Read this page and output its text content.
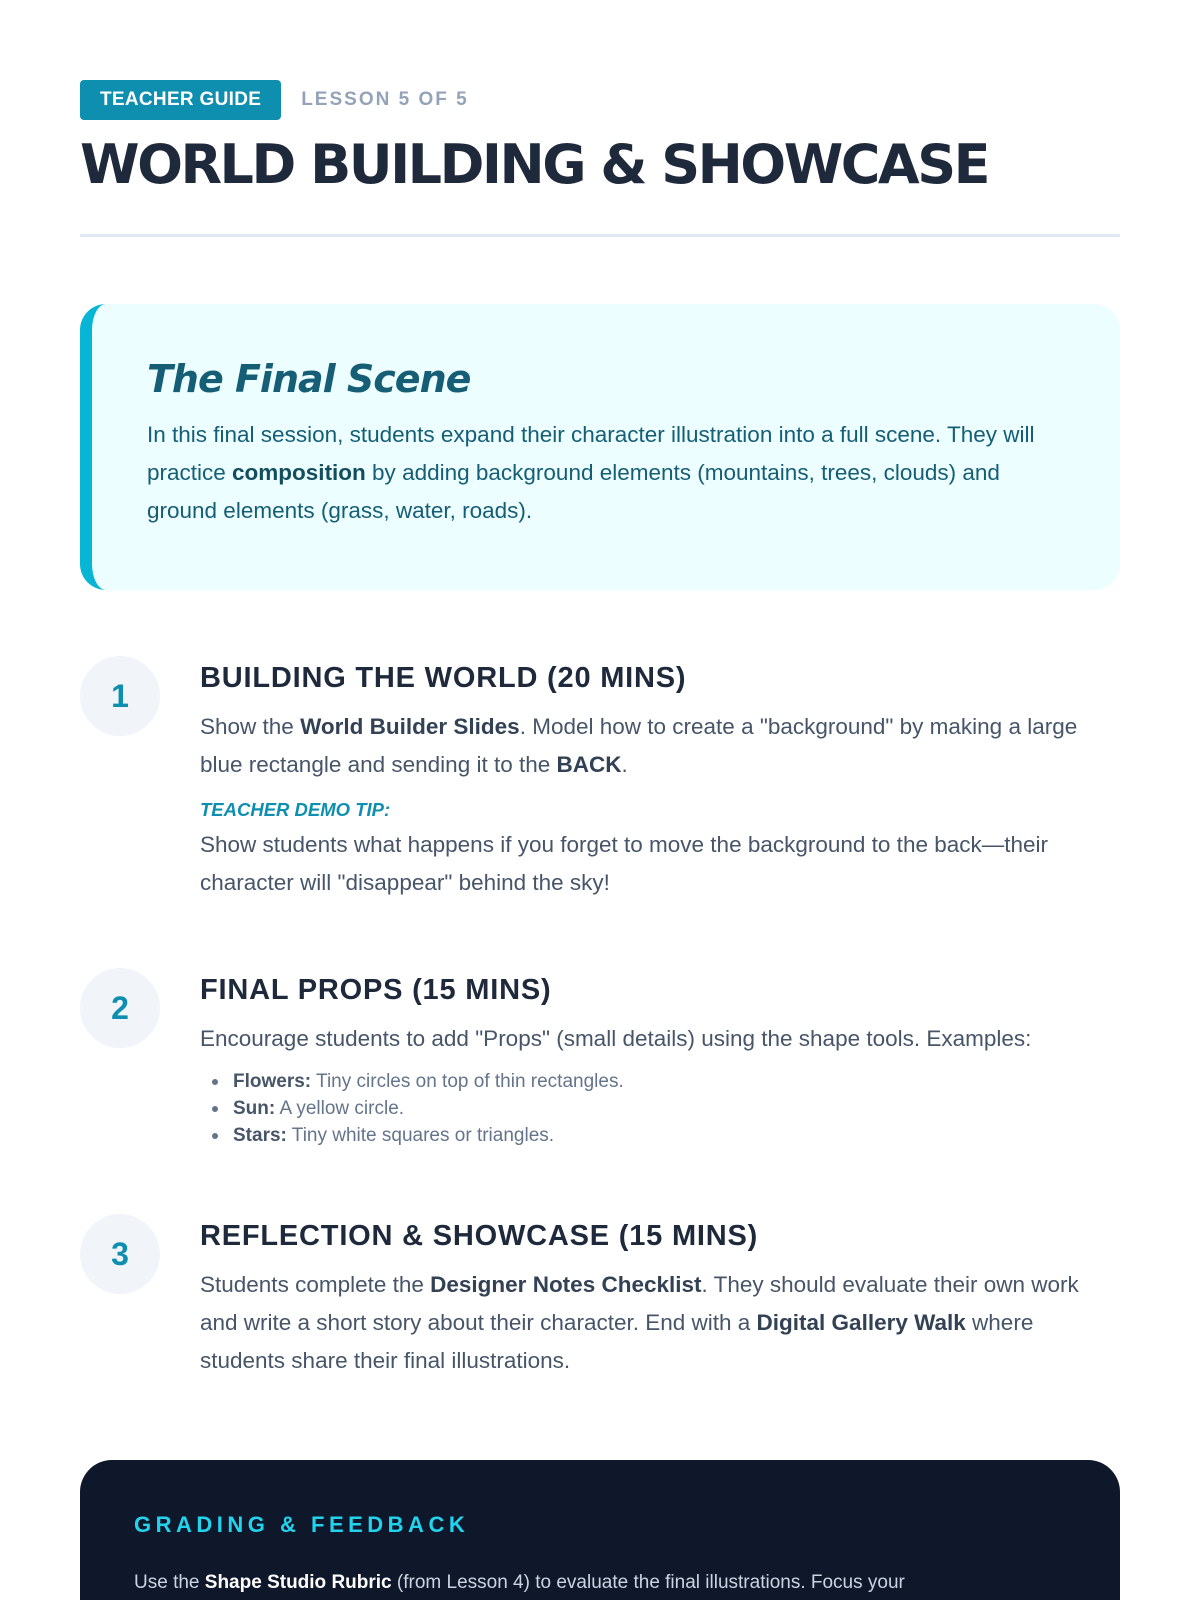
TEACHER GUIDE	LESSON 5 OF 5
WORLD BUILDING & SHOWCASE
The Final Scene

In this final session, students expand their character illustration into a full scene. They will practice composition by adding background elements (mountains, trees, clouds) and ground elements (grass, water, roads).

1	BUILDING THE WORLD (20 MINS)

Show the World Builder Slides. Model how to create a "background" by making a large blue rectangle and sending it to the BACK.

TEACHER DEMO TIP:

Show students what happens if you forget to move the background to the back—their character will "disappear" behind the sky!

2	FINAL PROPS (15 MINS)

Encourage students to add "Props" (small details) using the shape tools. Examples:

Flowers: Tiny circles on top of thin rectangles.
Sun: A yellow circle.
Stars: Tiny white squares or triangles.
3	REFLECTION & SHOWCASE (15 MINS)

Students complete the Designer Notes Checklist. They should evaluate their own work and write a short story about their character. End with a Digital Gallery Walk where students share their final illustrations.

GRADING & FEEDBACK

Use the Shape Studio Rubric (from Lesson 4) to evaluate the final illustrations. Focus your
